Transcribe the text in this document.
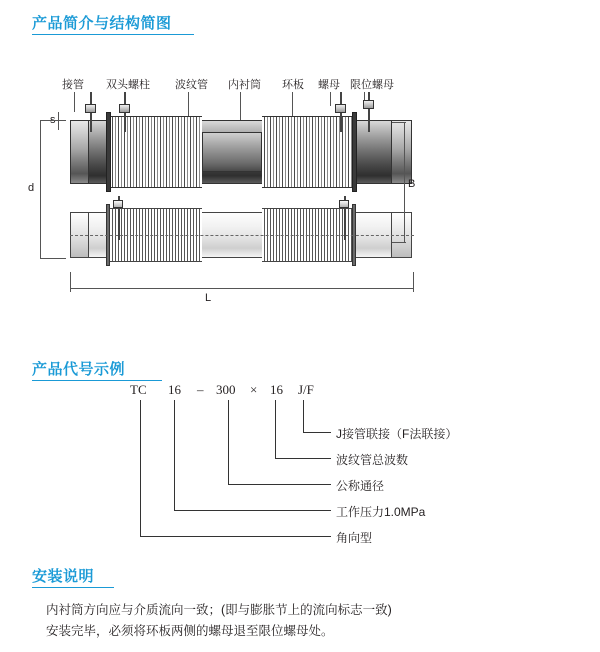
产品简介与结构简图
接管 双头螺柱 波纹管 内衬筒 环板 螺母 限位螺母
d	B
L
产品代号示例
TC 16 – 300 × 16 J/F
J接管联接（F法联接）
波纹管总波数
公称通径
工作压力1.0MPa
角向型
安装说明
内衬筒方向应与介质流向一致；(即与膨胀节上的流向标志一致)
安装完毕，必须将环板两侧的螺母退至限位螺母处。
